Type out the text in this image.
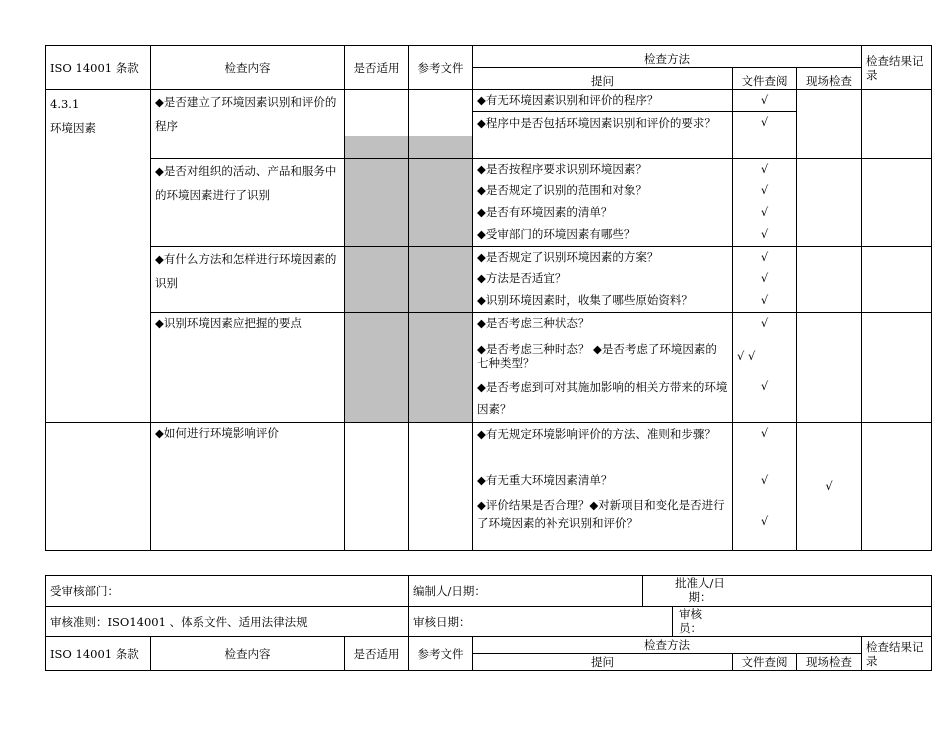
ISO 14001 条款	检查内容	是否适用	参考文件	检查方法			检查结果记录
				提问	文件查阅	现场检查	
4.3.1
环境因素	◆是否建立了环境因素识别和评价的程序			◆有无环境因素识别和评价的程序？	√		

			◆程序中是否包括环境因素识别和评价的要求？	√		
	◆是否对组织的活动、产品和服务中的环境因素进行了识别			◆是否按程序要求识别环境因素？	√		
				◆是否规定了识别的范围和对象？	√		
				◆是否有环境因素的清单？	√		
				◆受审部门的环境因素有哪些？	√		
	◆有什么方法和怎样进行环境因素的识别			◆是否规定了识别环境因素的方案？	√		
				◆方法是否适宜？	√		
				◆识别环境因素时，收集了哪些原始资料？	√		
	◆识别环境因素应把握的要点			◆是否考虑三种状态？	√		
				◆是否考虑三种时态？ ◆是否考虑了环境因素的七种类型？	√ √		
				◆是否考虑到可对其施加影响的相关方带来的环境因素？	√		
	◆如何进行环境影响评价			◆有无规定环境影响评价的方法、准则和步骤？	√	√	
				◆有无重大环境因素清单？	√		
				◆评价结果是否合理？◆对新项目和变化是否进行了环境因素的补充识别和评价？	√		
受审核部门：			编制人/日期：		批准人/日期：				

审核准则：ISO14001 、体系文件、适用法律法规			审核日期：			审核员：			

ISO 14001 条款	检查内容	是否适用	参考文件	检查方法					检查结果记录
				提问			文件查阅	现场检查	
